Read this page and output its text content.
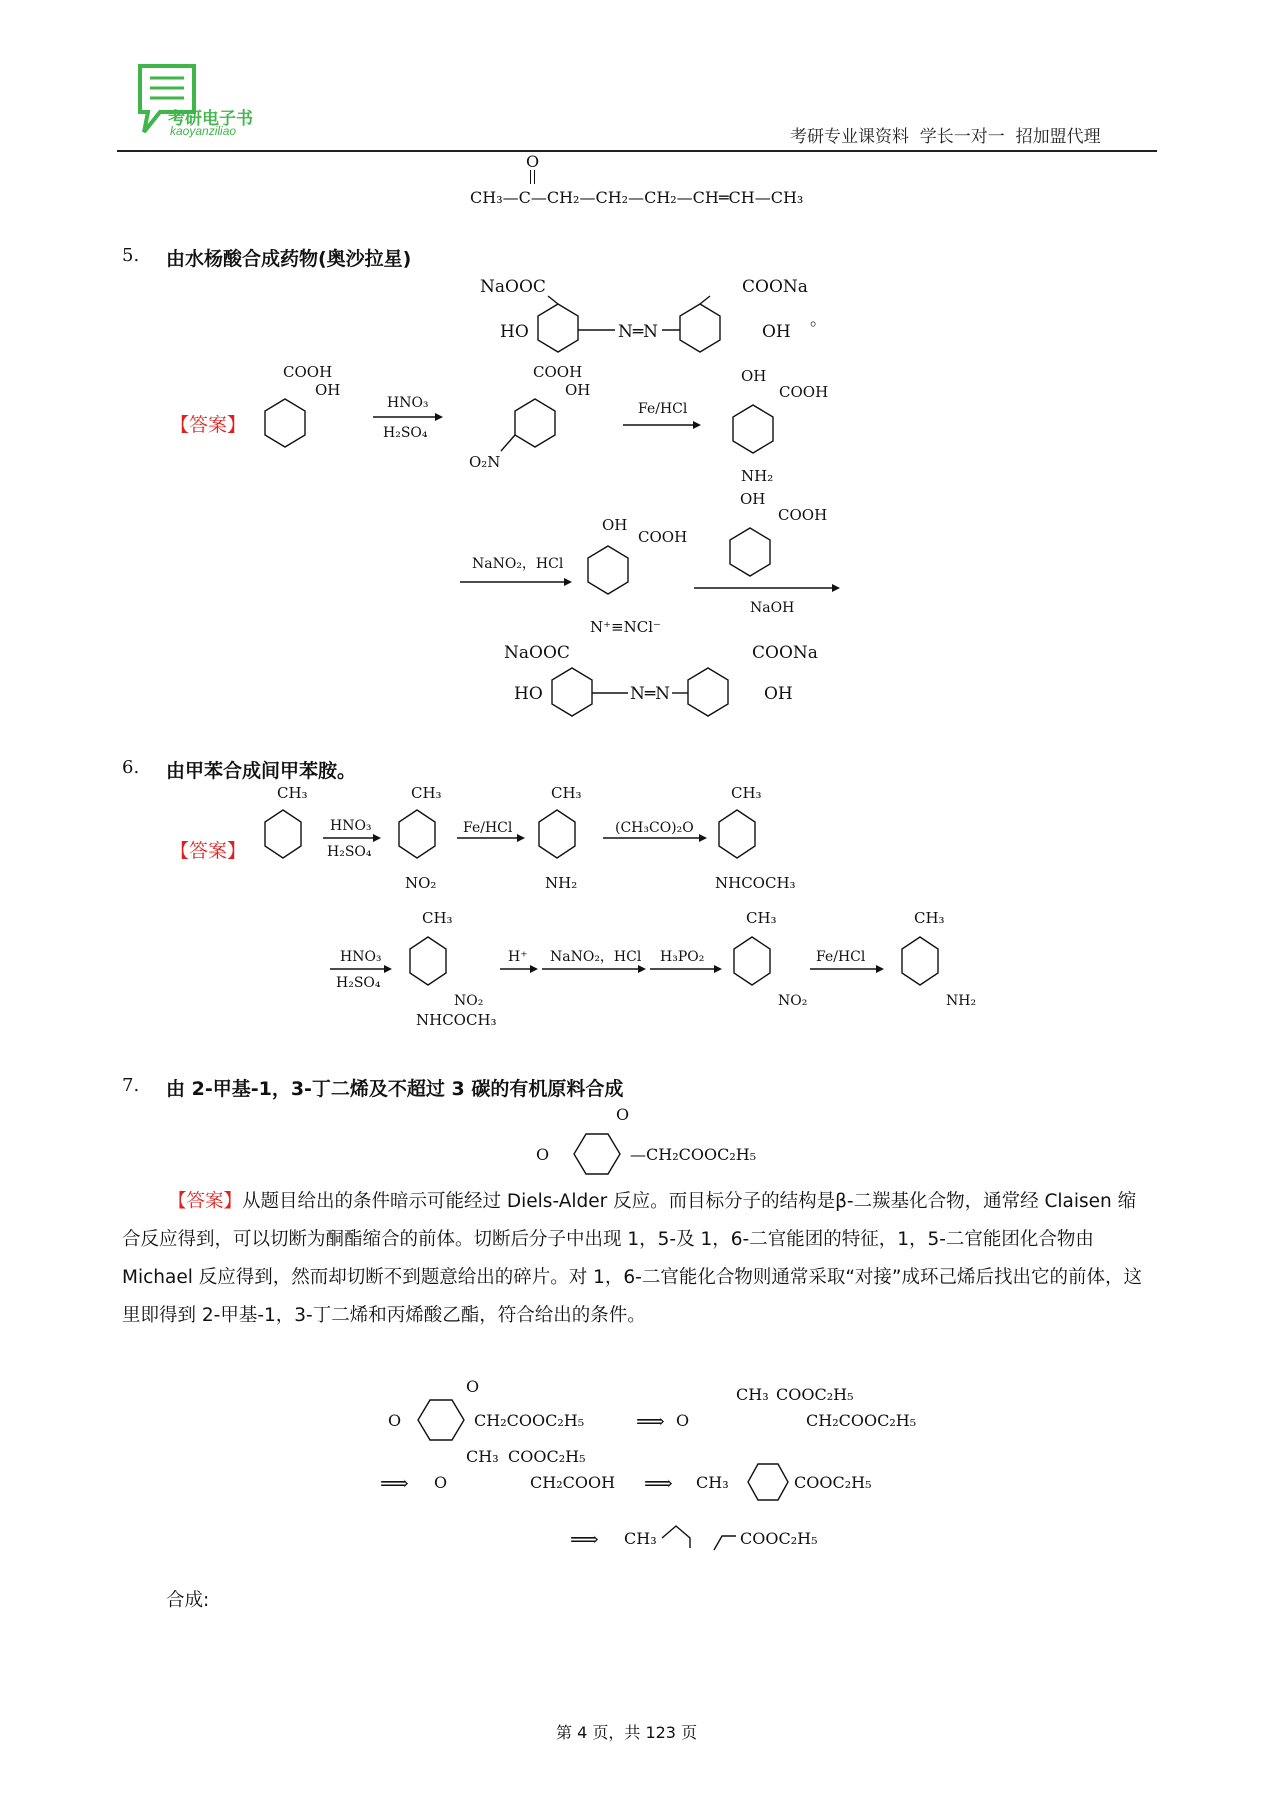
考研电子书
kaoyanziliao	考研专业课资料  学长一对一  招加盟代理
O
CH₃—C—CH₂—CH₂—CH₂—CH═CH—CH₃
5. 由水杨酸合成药物(奥沙拉星)
NaOOC	COONa
HO	OH
N═N
。
【答案】
COOH
OH
HNO₃
H₂SO₄
COOH
OH
O₂N
Fe/HCl
OH
COOH
NH₂
NaNO₂，HCl
OH
COOH
N⁺≡NCl⁻
OH
COOH
NaOH
NaOOC	COONa
HO	OH
N═N
6. 由甲苯合成间甲苯胺。
【答案】
CH₃
HNO₃
H₂SO₄
CH₃
NO₂
Fe/HCl
CH₃
NH₂
(CH₃CO)₂O
CH₃
NHCOCH₃
HNO₃
H₂SO₄
CH₃
NO₂
NHCOCH₃
H⁺ NaNO₂，HCl H₃PO₂
CH₃
NO₂
Fe/HCl
CH₃
NH₂
7. 由 2-甲基-1，3-丁二烯及不超过 3 碳的有机原料合成
O
O	—CH₂COOC₂H₅
【答案】从题目给出的条件暗示可能经过 Diels-Alder 反应。而目标分子的结构是β-二羰基化合物，通常经 Claisen 缩合反应得到，可以切断为酮酯缩合的前体。切断后分子中出现 1，5-及 1，6-二官能团的特征，1，5-二官能团化合物由 Michael 反应得到，然而却切断不到题意给出的碎片。对 1，6-二官能化合物则通常采取“对接”成环己烯后找出它的前体，这里即得到 2-甲基-1，3-丁二烯和丙烯酸乙酯，符合给出的条件。
O
O
CH₂COOC₂H₅	⟹ O
CH₃ COOC₂H₅
CH₂COOC₂H₅
⟹ O
CH₃ COOC₂H₅
CH₂COOH ⟹ CH₃	COOC₂H₅
⟹ CH₃	COOC₂H₅
合成:
第 4 页，共 123 页
